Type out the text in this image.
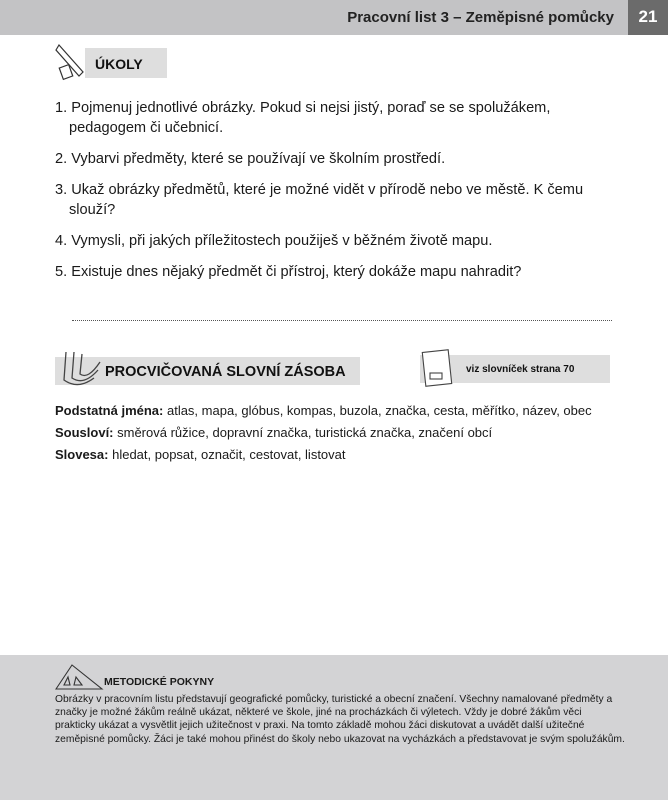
Pracovní list 3 – Zeměpisné pomůcky	21
ÚKOLY
1. Pojmenuj jednotlivé obrázky. Pokud si nejsi jistý, poraď se se spolužákem, pedagogem či učebnicí.
2. Vybarvi předměty, které se používají ve školním prostředí.
3. Ukaž obrázky předmětů, které je možné vidět v přírodě nebo ve městě. K čemu slouží?
4. Vymysli, při jakých příležitostech použiješ v běžném životě mapu.
5. Existuje dnes nějaký předmět či přístroj, který dokáže mapu nahradit?
PROCVIČOVANÁ SLOVNÍ ZÁSOBA	viz slovníček strana 70
Podstatná jména: atlas, mapa, glóbus, kompas, buzola, značka, cesta, měřítko, název, obec
Sousloví: směrová růžice, dopravní značka, turistická značka, značení obcí
Slovesa: hledat, popsat, označit, cestovat, listovat
METODICKÉ POKYNY
Obrázky v pracovním listu představují geografické pomůcky, turistické a obecní značení. Všechny namalované předměty a značky je možné žákům reálně ukázat, některé ve škole, jiné na procházkách či výletech. Vždy je dobré žákům věci prakticky ukázat a vysvětlit jejich užitečnost v praxi. Na tomto základě mohou žáci diskutovat a uvádět další užitečné zeměpisné pomůcky. Žáci je také mohou přinést do školy nebo ukazovat na vycházkách a představovat je svým spolužákům.
